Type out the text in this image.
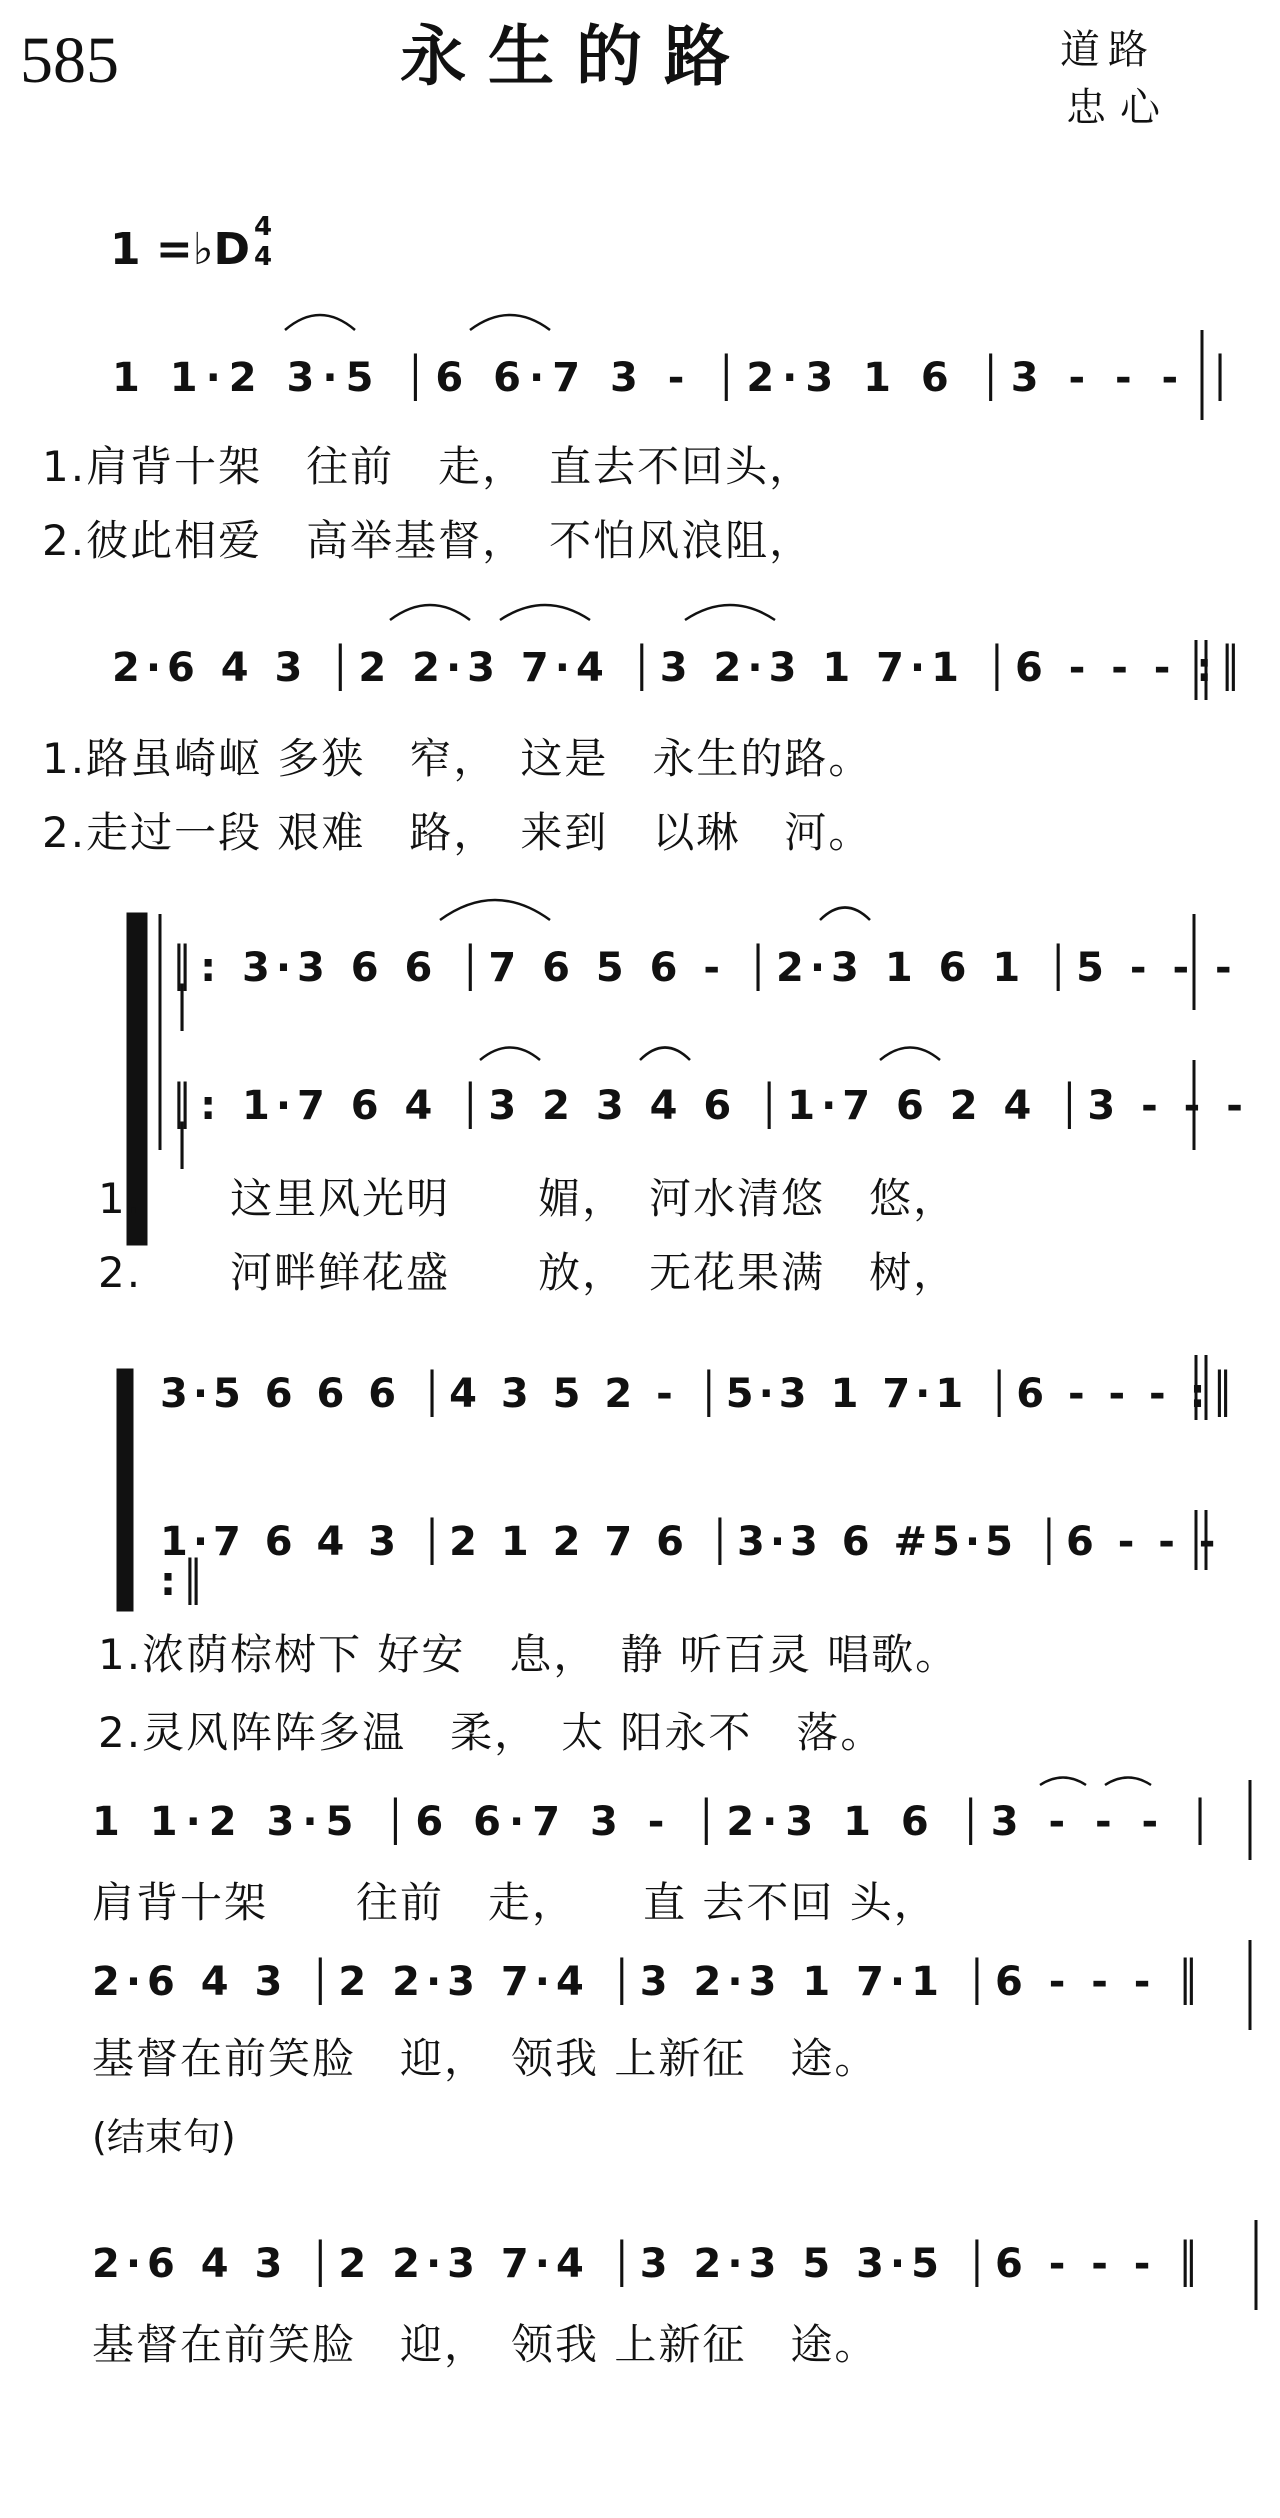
585	永生的路	道路
忠心
1 =♭D 4
4
1 1·2 3·5 │6 6·7 3 - │2·3 1 6 │3 - - - │
1.肩背十架　往前　走，　直去不回头，
2.彼此相爱　高举基督，　不怕风浪阻，
2·6 4 3 │2 2·3 7·4 │3 2·3 1 7·1 │6 - - - :║
1.路虽崎岖 多狭　窄，　这是　永生的路。
2.走过一段 艰难　路，　来到　以琳　河。
║: 3·3 6 6 │7 6 5 6 - │2·3 1 6 1 │5 - - - │
║: 1·7 6 4 │3 2 3 4 6 │1·7 6 2 4 │3 - - - │
1.　　这里风光明　　媚，　河水清悠　悠，
2.　　河畔鲜花盛　　放，　无花果满　树，
3·5 6 6 6 │4 3 5 2 - │5·3 1 7·1 │6 - - - :║
1·7 6 4 3 │2 1 2 7 6 │3·3 6 #5·5 │6 - - - :║
1.浓荫棕树下 好安　息，　静 听百灵 唱歌。
2.灵风阵阵多温　柔，　太 阳永不　落。
1 1·2 3·5 │6 6·7 3 - │2·3 1 6 │3 - - - │
肩背十架　　往前　走，　　直 去不回 头，
2·6 4 3 │2 2·3 7·4 │3 2·3 1 7·1 │6 - - - ║
基督在前笑脸　迎，　领我 上新征　途。
(结束句)
2·6 4 3 │2 2·3 7·4 │3 2·3 5 3·5 │6 - - - ║
基督在前笑脸　迎，　领我 上新征　途。
